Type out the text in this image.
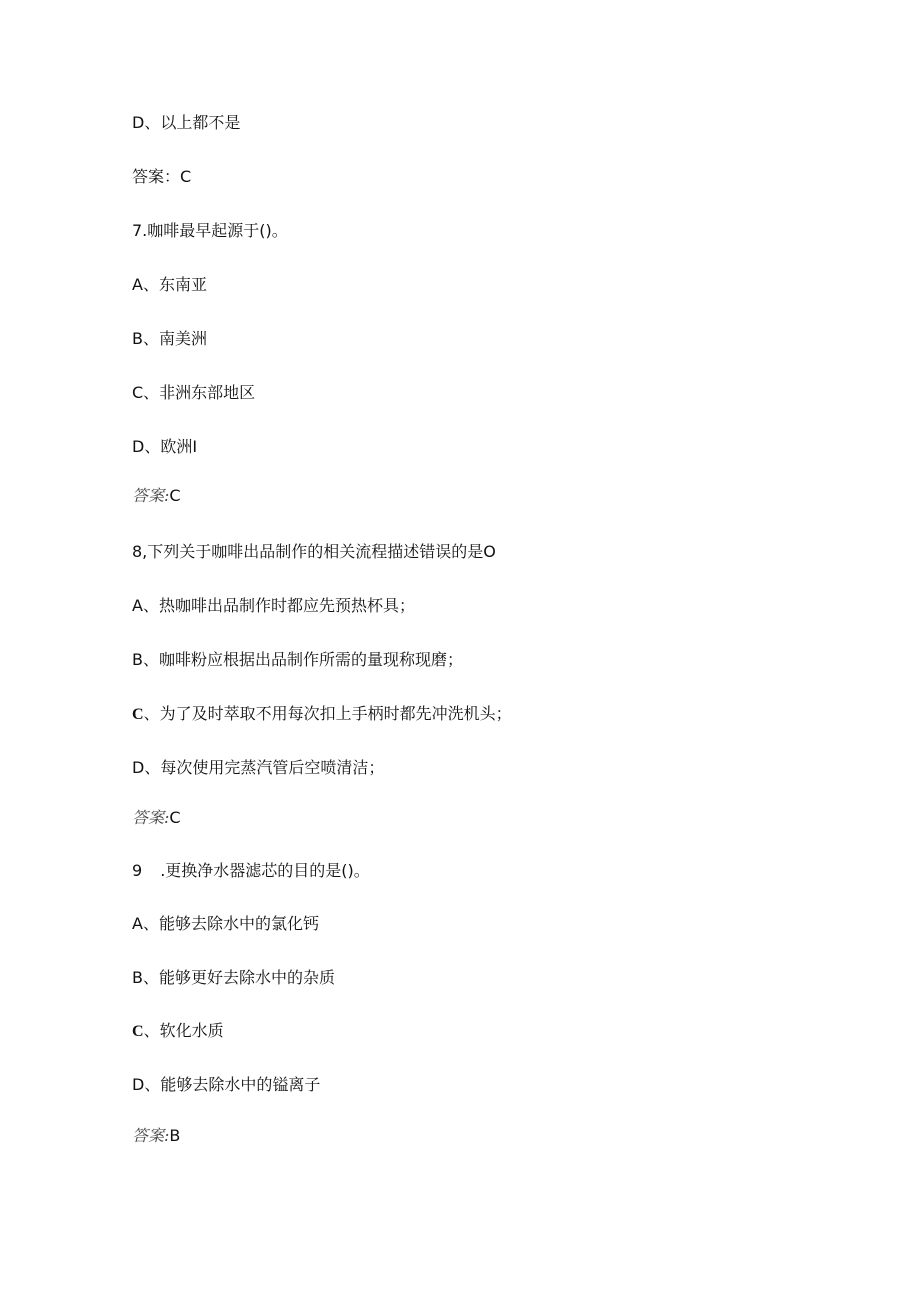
D、以上都不是
答案：C
7.咖啡最早起源于()。
A、东南亚
B、南美洲
C、非洲东部地区
D、欧洲I
答案:C
8,下列关于咖啡出品制作的相关流程描述错误的是O
A、热咖啡出品制作时都应先预热杯具；
B、咖啡粉应根据出品制作所需的量现称现磨；
C、为了及时萃取不用每次扣上手柄时都先冲洗机头；
D、每次使用完蒸汽管后空喷清洁；
答案:C
9 .更换净水器滤芯的目的是()。
A、能够去除水中的氯化钙
B、能够更好去除水中的杂质
C、软化水质
D、能够去除水中的镒离子
答案:B
